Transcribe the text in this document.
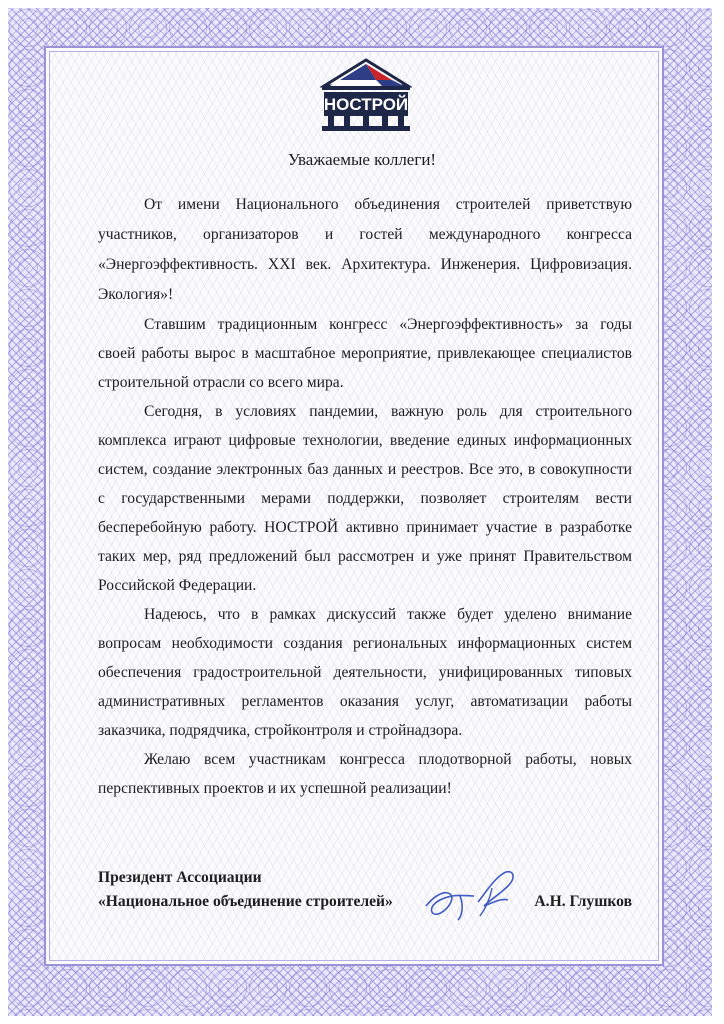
НОСТРОЙ
Уважаемые коллеги!

От имени Национального объединения строителей приветствую участников, организаторов и гостей международного конгресса «Энергоэффективность. XXI век. Архитектура. Инженерия. Цифровизация. Экология»!

Ставшим традиционным конгресс «Энергоэффективность» за годы своей работы вырос в масштабное мероприятие, привлекающее специалистов строительной отрасли со всего мира.

Сегодня, в условиях пандемии, важную роль для строительного комплекса играют цифровые технологии, введение единых информационных систем, создание электронных баз данных и реестров. Все это, в совокупности с государственными мерами поддержки, позволяет строителям вести бесперебойную работу. НОСТРОЙ активно принимает участие в разработке таких мер, ряд предложений был рассмотрен и уже принят Правительством Российской Федерации.

Надеюсь, что в рамках дискуссий также будет уделено внимание вопросам необходимости создания региональных информационных систем обеспечения градостроительной деятельности, унифицированных типовых административных регламентов оказания услуг, автоматизации работы заказчика, подрядчика, стройконтроля и стройнадзора.

Желаю всем участникам конгресса плодотворной работы, новых перспективных проектов и их успешной реализации!

Президент Ассоциации
«Национальное объединение строителей»	А.Н. Глушков
